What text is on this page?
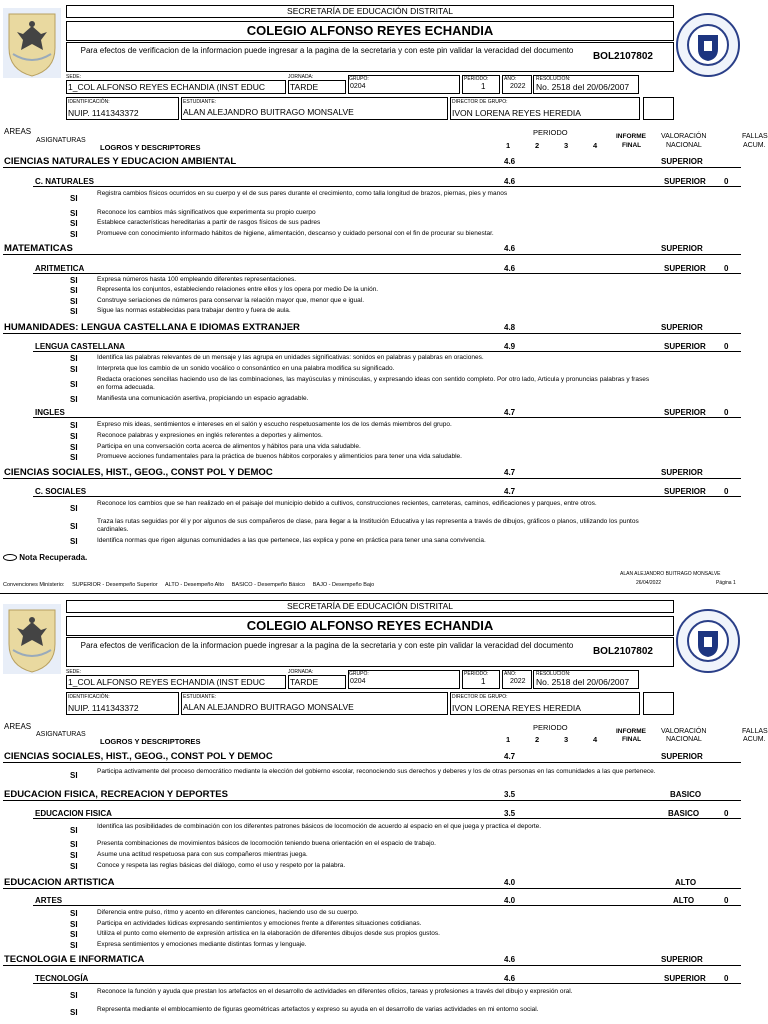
SECRETARÍA DE EDUCACIÓN DISTRITAL
COLEGIO ALFONSO REYES ECHANDIA
Para efectos de verificacion de la informacion puede ingresar a la pagina de la secretaria y con este pin validar la veracidad del documento
BOL2107802
SEDE:
1_COL ALFONSO REYES ECHANDIA (INST EDUC
JORNADA:
TARDE
GRUPO:
0204
PERIODO:
1
AÑO:
2022
RESOLUCIÓN:
No. 2518 del 20/06/2007
IDENTIFICACIÓN:
NUIP. 1141343372
ESTUDIANTE:
ALAN ALEJANDRO BUITRAGO MONSALVE
DIRECTOR DE GRUPO:
IVON LORENA REYES HEREDIA
AREAS
ASIGNATURAS
LOGROS Y DESCRIPTORES
PERIODO
1	2	3	4
INFORME
FINAL
VALORACIÓN
NACIONAL
FALLAS
ACUM.
CIENCIAS NATURALES Y EDUCACION AMBIENTAL	4.6	SUPERIOR
C. NATURALES	4.6	SUPERIOR 0
SI
Registra cambios físicos ocurridos en su cuerpo y el de sus pares durante el crecimiento, como talla longitud de brazos, piernas, pies y manos
SI	Reconoce los cambios más significativos que experimenta su propio cuerpo
SI	Establece características hereditarias a partir de rasgos físicos de sus padres
SI	Promueve con conocimiento informado hábitos de higiene, alimentación, descanso y cuidado personal con el fin de procurar su bienestar.
MATEMATICAS	4.6	SUPERIOR
ARITMETICA	4.6	SUPERIOR 0
SI	Expresa números hasta 100 empleando diferentes representaciones.
SI	Representa los conjuntos, estableciendo relaciones entre ellos y los opera por medio De la unión.
SI	Construye seriaciones de números para conservar la relación mayor que, menor que e igual.
SI	Sigue las normas establecidas para trabajar dentro y fuera de aula.
HUMANIDADES: LENGUA CASTELLANA E IDIOMAS EXTRANJER	4.8	SUPERIOR
LENGUA CASTELLANA	4.9	SUPERIOR 0
SI	Identifica las palabras relevantes de un mensaje y las agrupa en unidades significativas: sonidos en palabras y palabras en oraciones.
SI	Interpreta que los cambio de un sonido vocálico o consonántico en una palabra modifica su significado.
SI
Redacta oraciones sencillas haciendo uso de las combinaciones, las mayúsculas y minúsculas, y expresando ideas con sentido completo. Por otro lado, Articula y pronuncias palabras y frases en forma adecuada.
SI	Manifiesta una comunicación asertiva, propiciando un espacio agradable.
INGLES	4.7	SUPERIOR 0
SI	Expreso mis ideas, sentimientos e intereses en el salón y escucho respetuosamente los de los demás miembros del grupo.
SI	Reconoce palabras y expresiones en inglés referentes a deportes y alimentos.
SI	Participa en una conversación corta acerca de alimentos y hábitos para una vida saludable.
SI	Promueve acciones fundamentales para la práctica de buenos hábitos corporales y alimenticios para tener una vida saludable.
CIENCIAS SOCIALES, HIST., GEOG., CONST POL Y DEMOC	4.7	SUPERIOR
C. SOCIALES	4.7	SUPERIOR 0
SI
Reconoce los cambios que se han realizado en el paisaje del municipio debido a cultivos, construcciones recientes, carreteras, caminos, edificaciones y parques, entre otros.
SI
Traza las rutas seguidas por él y por algunos de sus compañeros de clase, para llegar a la Institución Educativa y las representa a través de dibujos, gráficos o planos, utilizando los puntos cardinales.
SI	Identifica normas que rigen algunas comunidades a las que pertenece, las explica y pone en práctica para tener una sana convivencia.
Nota Recuperada.
Convenciones Ministerio:     SUPERIOR - Desempeño Superior     ALTO - Desempeño Alto     BASICO - Desempeño Básico     BAJO - Desempeño Bajo
ALAN ALEJANDRO BUITRAGO MONSALVE
26/04/2022	Página 1
SECRETARÍA DE EDUCACIÓN DISTRITAL
COLEGIO ALFONSO REYES ECHANDIA
Para efectos de verificacion de la informacion puede ingresar a la pagina de la secretaria y con este pin validar la veracidad del documento
BOL2107802
SEDE:
1_COL ALFONSO REYES ECHANDIA (INST EDUC
JORNADA:
TARDE
GRUPO:
0204
PERIODO:
1
AÑO:
2022
RESOLUCIÓN:
No. 2518 del 20/06/2007
IDENTIFICACIÓN:
NUIP. 1141343372
ESTUDIANTE:
ALAN ALEJANDRO BUITRAGO MONSALVE
DIRECTOR DE GRUPO:
IVON LORENA REYES HEREDIA
AREAS
ASIGNATURAS
LOGROS Y DESCRIPTORES
PERIODO
1	2	3	4
INFORME
FINAL
VALORACIÓN
NACIONAL
FALLAS
ACUM.
CIENCIAS SOCIALES, HIST., GEOG., CONST POL Y DEMOC	4.7	SUPERIOR
SI	Participa activamente del proceso democrático mediante la elección del gobierno escolar, reconociendo sus derechos y deberes y los de otras personas en las comunidades a las que pertenece.
EDUCACION FISICA, RECREACION Y DEPORTES	3.5	BASICO
EDUCACION FISICA	3.5	BASICO	0
SI	Identifica las posibilidades de combinación con los diferentes patrones básicos de locomoción de acuerdo al espacio en el que juega y practica el deporte.
SI	Presenta combinaciones de movimientos básicos de locomoción teniendo buena orientación en el espacio de trabajo.
SI	Asume una actitud respetuosa para con sus compañeros mientras juega.
SI	Conoce y respeta las reglas básicas del diálogo, como el uso y respeto por la palabra.
EDUCACION ARTISTICA	4.0	ALTO
ARTES	4.0	ALTO	0
SI	Diferencia entre pulso, ritmo y acento en diferentes canciones, haciendo uso de su cuerpo.
SI	Participa en actividades lúdicas expresando sentimientos y emociones frente a diferentes situaciones cotidianas.
SI	Utiliza el punto como elemento de expresión artística en la elaboración de diferentes dibujos desde sus propios gustos.
SI	Expresa sentimientos y emociones mediante distintas formas y lenguaje.
TECNOLOGIA E INFORMATICA	4.6	SUPERIOR
TECNOLOGÍA	4.6	SUPERIOR 0
SI	Reconoce la función y ayuda que prestan los artefactos en el desarrollo de actividades en diferentes oficios, tareas y profesiones a través del dibujo y expresión oral.
SI	Representa mediante el emblocamiento de figuras geométricas artefactos y expreso su ayuda en el desarrollo de varias actividades en mi entorno social.
